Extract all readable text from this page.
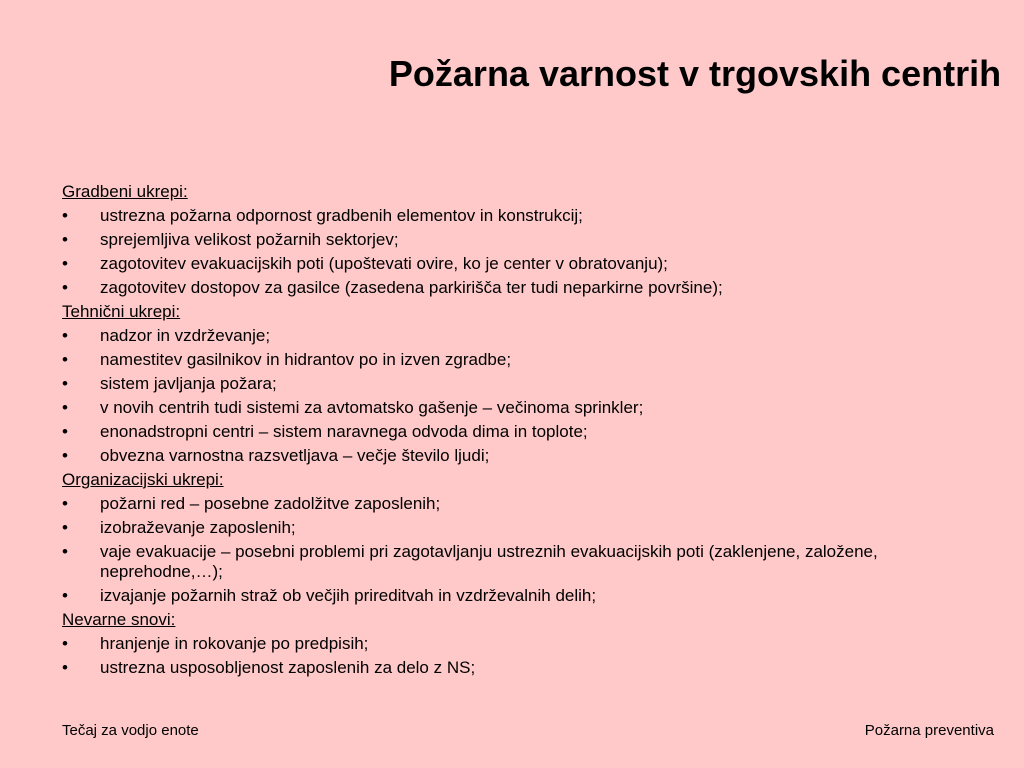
Požarna varnost v trgovskih centrih
Gradbeni ukrepi:
•	ustrezna požarna odpornost gradbenih elementov in konstrukcij;
•	sprejemljiva velikost požarnih sektorjev;
•	zagotovitev evakuacijskih poti (upoštevati ovire, ko je center v obratovanju);
•	zagotovitev dostopov za gasilce (zasedena parkirišča ter tudi neparkirne površine);
Tehnični ukrepi:
•	nadzor in vzdrževanje;
•	namestitev gasilnikov in hidrantov po in izven zgradbe;
•	sistem javljanja požara;
•	v novih centrih tudi sistemi za avtomatsko gašenje – večinoma sprinkler;
•	enonadstropni centri – sistem naravnega odvoda dima in toplote;
•	obvezna varnostna razsvetljava – večje število ljudi;
Organizacijski ukrepi:
•	požarni red – posebne zadolžitve zaposlenih;
•	izobraževanje zaposlenih;
•	vaje evakuacije – posebni problemi pri zagotavljanju ustreznih evakuacijskih poti (zaklenjene, založene, neprehodne,…);
•	izvajanje požarnih straž ob večjih prireditvah in vzdrževalnih delih;
Nevarne snovi:
•	hranjenje in rokovanje po predpisih;
•	ustrezna usposobljenost zaposlenih za delo z NS;
Tečaj za vodjo enote	Požarna preventiva
